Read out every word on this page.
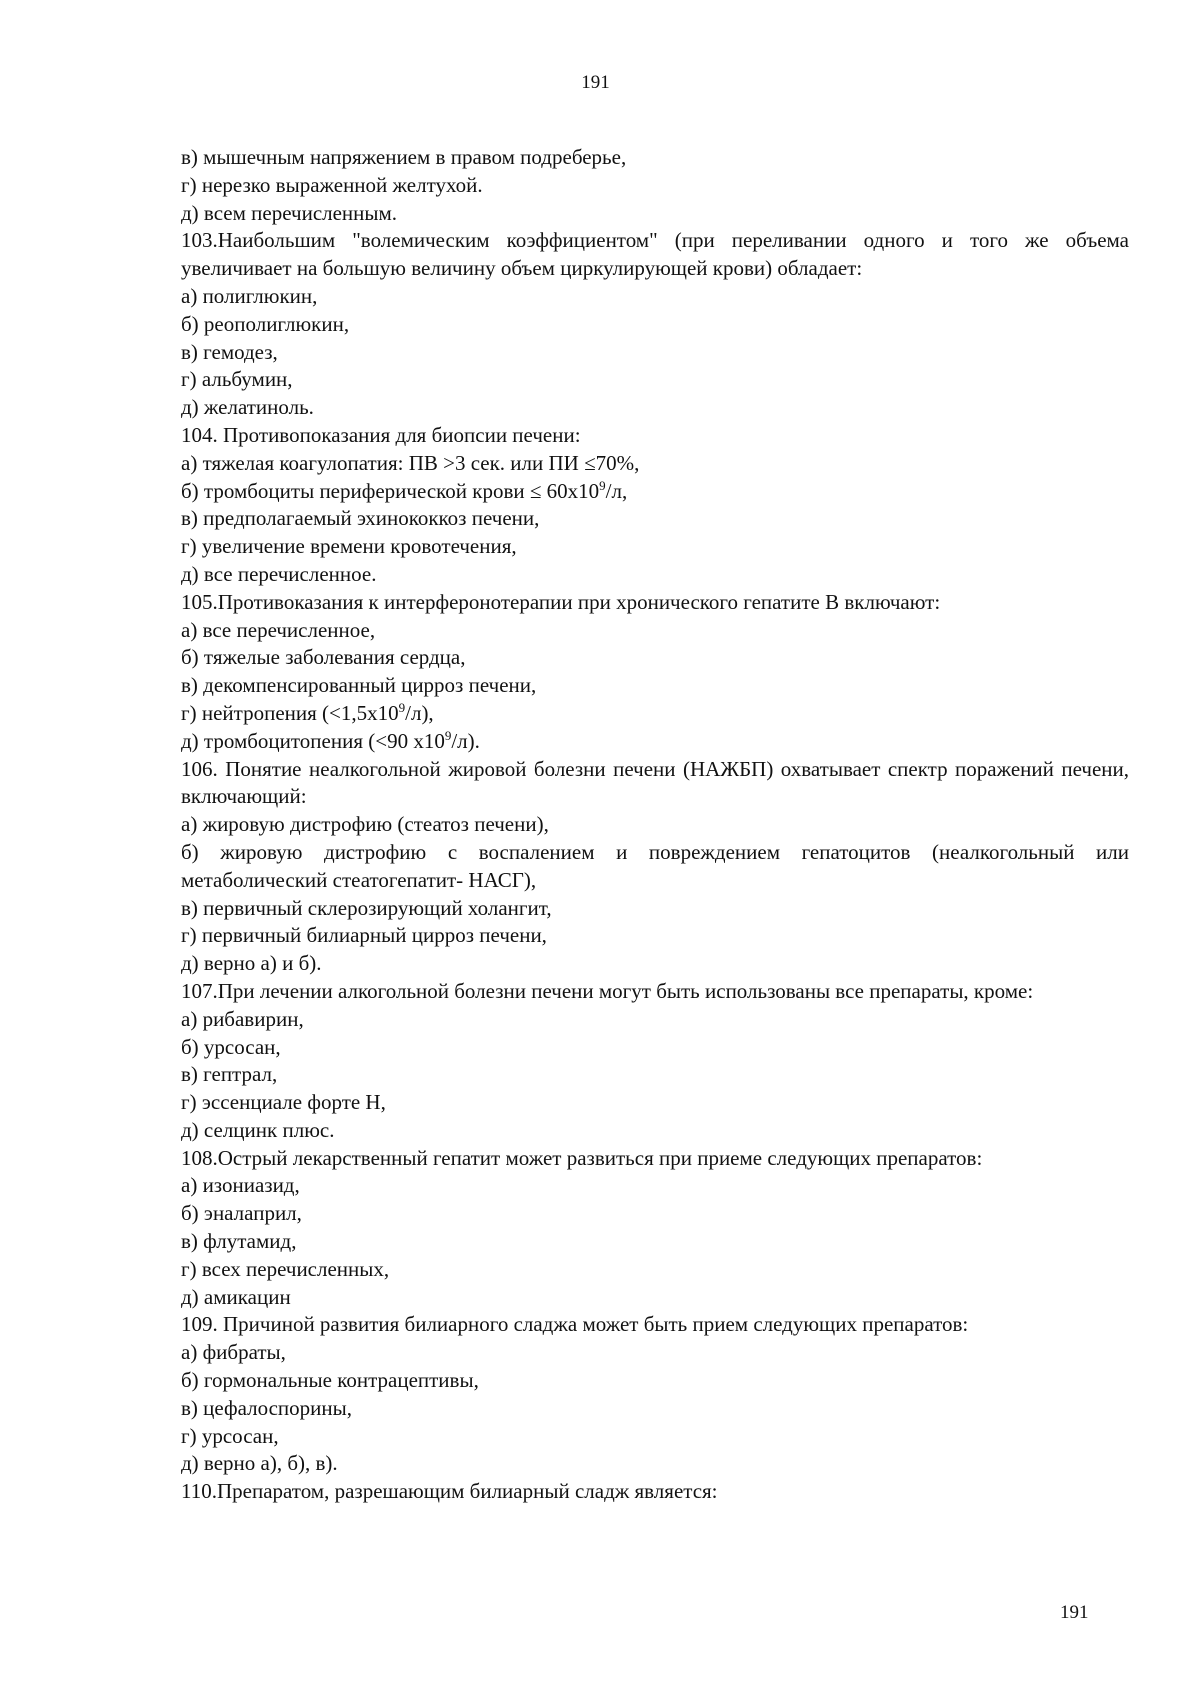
191
в) мышечным напряжением в правом подреберье,
г) нерезко выраженной желтухой.
д) всем перечисленным.
103.Наибольшим "волемическим коэффициентом" (при переливании одного и того же объема увеличивает на большую величину объем циркулирующей крови) обладает:
а) полиглюкин,
б) реополиглюкин,
в) гемодез,
г) альбумин,
д) желатиноль.
104. Противопоказания для биопсии печени:
а) тяжелая коагулопатия: ПВ >3 сек. или ПИ ≤70%,
б) тромбоциты периферической крови ≤ $60х10^9/л$,
в) предполагаемый эхинококкоз печени,
г) увеличение времени кровотечения,
д) все перечисленное.
105.Противоказания к интерферонотерапии при хронического гепатите В включают:
а) все перечисленное,
б) тяжелые заболевания сердца,
в) декомпенсированный цирроз печени,
г) нейтропения $(<1,5х10^9/л)$,
д) тромбоцитопения (<90 $х10^9/л$).
106. Понятие неалкогольной жировой болезни печени (НАЖБП) охватывает спектр поражений печени, включающий:
а) жировую дистрофию (стеатоз печени),
б) жировую дистрофию с воспалением и повреждением гепатоцитов (неалкогольный или метаболический стеатогепатит- НАСГ),
в) первичный склерозирующий холангит,
г) первичный билиарный цирроз печени,
д) верно а) и б).
107.При лечении алкогольной болезни печени могут быть использованы все препараты, кроме:
а) рибавирин,
б) урсосан,
в) гептрал,
г) эссенциале форте Н,
д) селцинк плюс.
108.Острый лекарственный гепатит может развиться при приеме следующих препаратов:
а) изониазид,
б) эналаприл,
в) флутамид,
г) всех перечисленных,
д) амикацин
109. Причиной развития билиарного сладжа может быть прием следующих препаратов:
а) фибраты,
б) гормональные контрацептивы,
в) цефалоспорины,
г) урсосан,
д) верно а), б), в).
110.Препаратом, разрешающим билиарный сладж является:
191
